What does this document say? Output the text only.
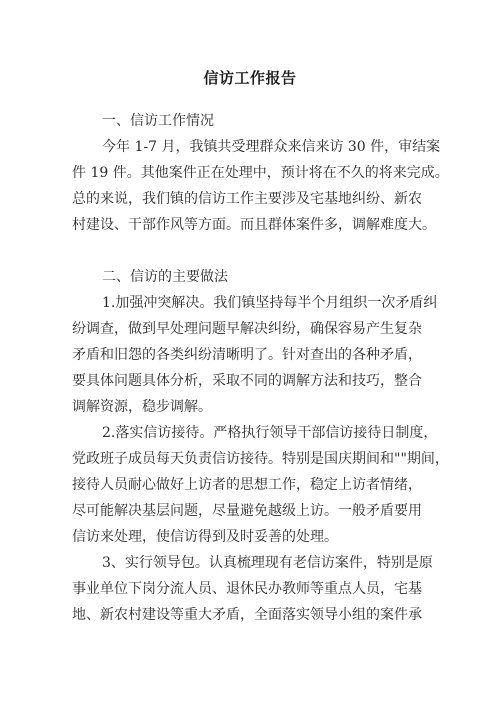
信访工作报告
一、信访工作情况
今年 1-7 月，我镇共受理群众来信来访 30 件，审结案
件 19 件。其他案件正在处理中，预计将在不久的将来完成。
总的来说，我们镇的信访工作主要涉及宅基地纠纷、新农
村建设、干部作风等方面。而且群体案件多，调解难度大。
二、信访的主要做法
1.加强冲突解决。我们镇坚持每半个月组织一次矛盾纠
纷调查，做到早处理问题早解决纠纷，确保容易产生复杂
矛盾和旧怨的各类纠纷清晰明了。针对查出的各种矛盾，
要具体问题具体分析，采取不同的调解方法和技巧，整合
调解资源，稳步调解。
2.落实信访接待。严格执行领导干部信访接待日制度，
党政班子成员每天负责信访接待。特别是国庆期间和""期间，
接待人员耐心做好上访者的思想工作，稳定上访者情绪，
尽可能解决基层问题，尽量避免越级上访。一般矛盾要用
信访来处理，使信访得到及时妥善的处理。
3、实行领导包。认真梳理现有老信访案件，特别是原
事业单位下岗分流人员、退休民办教师等重点人员，宅基
地、新农村建设等重大矛盾，全面落实领导小组的案件承
